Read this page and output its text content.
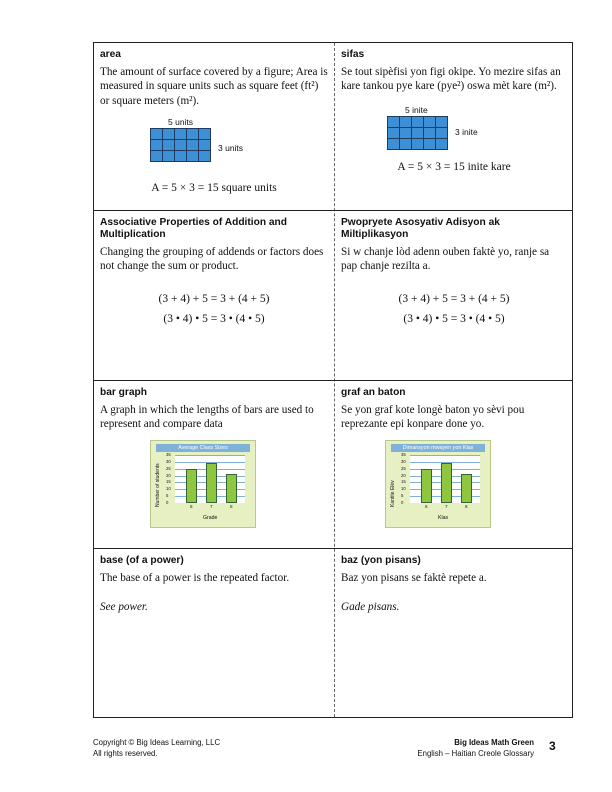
area
The amount of surface covered by a figure; Area is measured in square units such as square feet (ft²) or square meters (m²).
5 units

3 units
A = 5 × 3 = 15 square units
sifas
Se tout sipèfisi yon figi okipe. Yo mezire sifas an kare tankou pye kare (pye²) oswa mèt kare (m²).
5 inite

3 inite
A = 5 × 3 = 15 inite kare
Associative Properties of Addition and Multiplication
Changing the grouping of addends or factors does not change the sum or product.
(3 + 4) + 5 = 3 + (4 + 5)
(3 • 4) • 5 = 3 • (4 • 5)
Pwopryete Asosyativ Adisyon ak Miltiplikasyon
Si w chanje lòd adenn ouben faktè yo, ranje sa pap chanje rezilta a.
(3 + 4) + 5 = 3 + (4 + 5)
(3 • 4) • 5 = 3 • (4 • 5)
bar graph
A graph in which the lengths of bars are used to represent and compare data
Average Class Sizes
0
5
10
15
20
25
30
35
6	7	8
Grade
Number of students
graf an baton
Se yon graf kote longè baton yo sèvi pou reprezante epi konpare done yo.
Dimansyon mwayen yon Klas
0
5
10
15
20
25
30
35
6	7	8
Klas
Kantite Elèv
base (of a power)
The base of a power is the repeated factor.
See power.
baz (yon pisans)
Baz yon pisans se faktè repete a.
Gade pisans.
Copyright © Big Ideas Learning, LLC
All rights reserved.
Big Ideas Math Green
English – Haitian Creole Glossary 3
